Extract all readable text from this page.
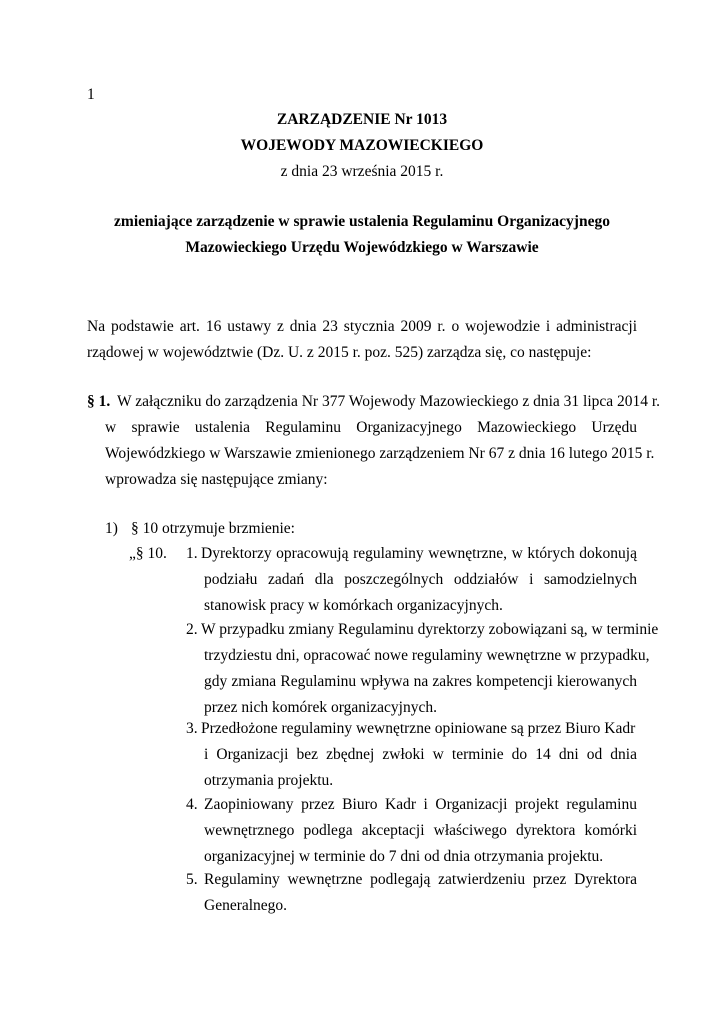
1
ZARZĄDZENIE Nr 1013
WOJEWODY MAZOWIECKIEGO
z dnia 23 września 2015 r.
zmieniające zarządzenie w sprawie ustalenia Regulaminu Organizacyjnego
Mazowieckiego Urzędu Wojewódzkiego w Warszawie
Na podstawie art. 16 ustawy z dnia 23 stycznia 2009 r. o wojewodzie i administracji
rządowej w województwie (Dz. U. z 2015 r. poz. 525) zarządza się, co następuje:
§ 1. W załączniku do zarządzenia Nr 377 Wojewody Mazowieckiego z dnia 31 lipca 2014 r.
w sprawie ustalenia Regulaminu Organizacyjnego Mazowieckiego Urzędu
Wojewódzkiego w Warszawie zmienionego zarządzeniem Nr 67 z dnia 16 lutego 2015 r.
wprowadza się następujące zmiany:
1) § 10 otrzymuje brzmienie:
„§ 10. 1. Dyrektorzy opracowują regulaminy wewnętrzne, w których dokonują
podziału zadań dla poszczególnych oddziałów i samodzielnych
stanowisk pracy w komórkach organizacyjnych.
2. W przypadku zmiany Regulaminu dyrektorzy zobowiązani są, w terminie
trzydziestu dni, opracować nowe regulaminy wewnętrzne w przypadku,
gdy zmiana Regulaminu wpływa na zakres kompetencji kierowanych
przez nich komórek organizacyjnych.
3. Przedłożone regulaminy wewnętrzne opiniowane są przez Biuro Kadr
i Organizacji bez zbędnej zwłoki w terminie do 14 dni od dnia
otrzymania projektu.
4. Zaopiniowany przez Biuro Kadr i Organizacji projekt regulaminu
wewnętrznego podlega akceptacji właściwego dyrektora komórki
organizacyjnej w terminie do 7 dni od dnia otrzymania projektu.
5. Regulaminy wewnętrzne podlegają zatwierdzeniu przez Dyrektora
Generalnego.
